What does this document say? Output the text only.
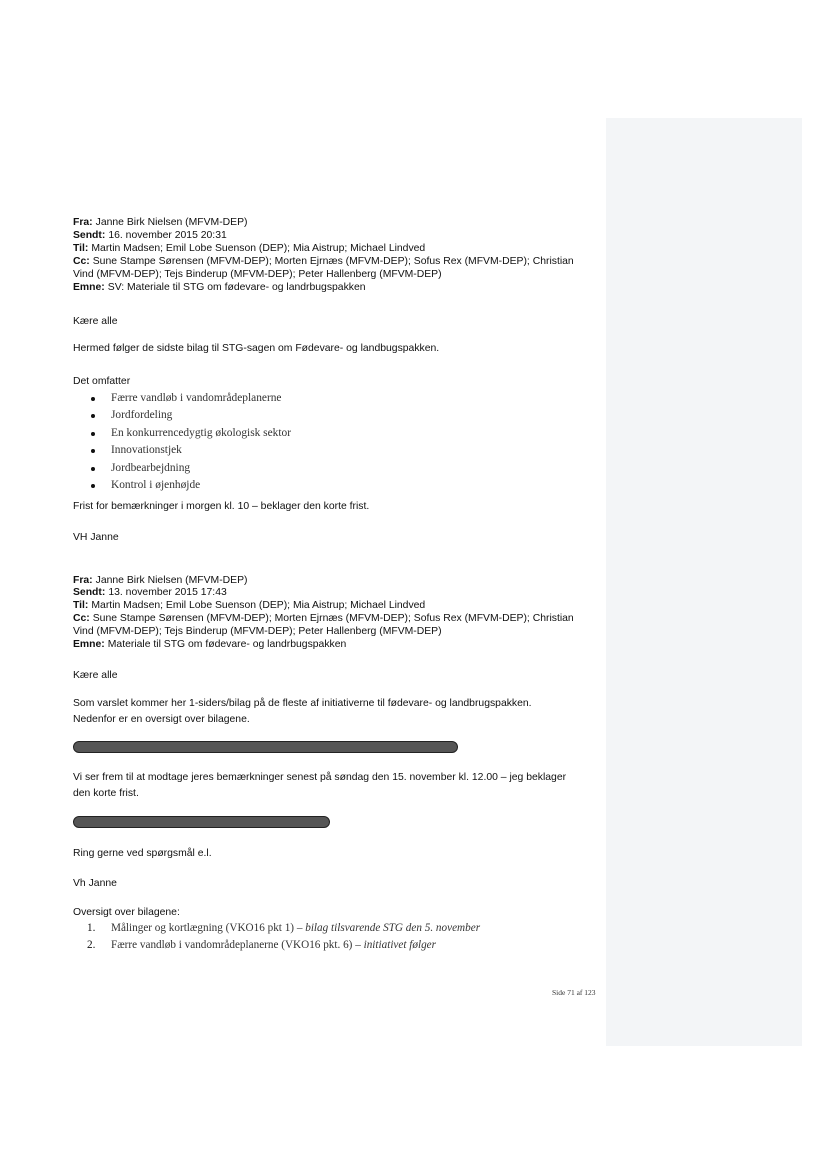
Fra: Janne Birk Nielsen (MFVM-DEP)
Sendt: 16. november 2015 20:31
Til: Martin Madsen; Emil Lobe Suenson (DEP); Mia Aistrup; Michael Lindved
Cc: Sune Stampe Sørensen (MFVM-DEP); Morten Ejrnæs (MFVM-DEP); Sofus Rex (MFVM-DEP); Christian
Vind (MFVM-DEP); Tejs Binderup (MFVM-DEP); Peter Hallenberg (MFVM-DEP)
Emne: SV: Materiale til STG om fødevare- og landrbugspakken
Kære alle
Hermed følger de sidste bilag til STG-sagen om Fødevare- og landbugspakken.
Det omfatter
Færre vandløb i vandområdeplanerne
Jordfordeling
En konkurrencedygtig økologisk sektor
Innovationstjek
Jordbearbejdning
Kontrol i øjenhøjde
Frist for bemærkninger i morgen kl. 10 – beklager den korte frist.
VH Janne
Fra: Janne Birk Nielsen (MFVM-DEP)
Sendt: 13. november 2015 17:43
Til: Martin Madsen; Emil Lobe Suenson (DEP); Mia Aistrup; Michael Lindved
Cc: Sune Stampe Sørensen (MFVM-DEP); Morten Ejrnæs (MFVM-DEP); Sofus Rex (MFVM-DEP); Christian
Vind (MFVM-DEP); Tejs Binderup (MFVM-DEP); Peter Hallenberg (MFVM-DEP)
Emne: Materiale til STG om fødevare- og landrbugspakken
Kære alle
Som varslet kommer her 1-siders/bilag på de fleste af initiativerne til fødevare- og landbrugspakken.
Nedenfor er en oversigt over bilagene.
Vi ser frem til at modtage jeres bemærkninger senest på søndag den 15. november kl. 12.00 – jeg beklager
den korte frist.
Ring gerne ved spørgsmål e.l.
Vh Janne
Oversigt over bilagene:
1. Målinger og kortlægning (VKO16 pkt 1) – bilag tilsvarende STG den 5. november
2. Færre vandløb i vandområdeplanerne (VKO16 pkt. 6) – initiativet følger
Side 71 af 123
